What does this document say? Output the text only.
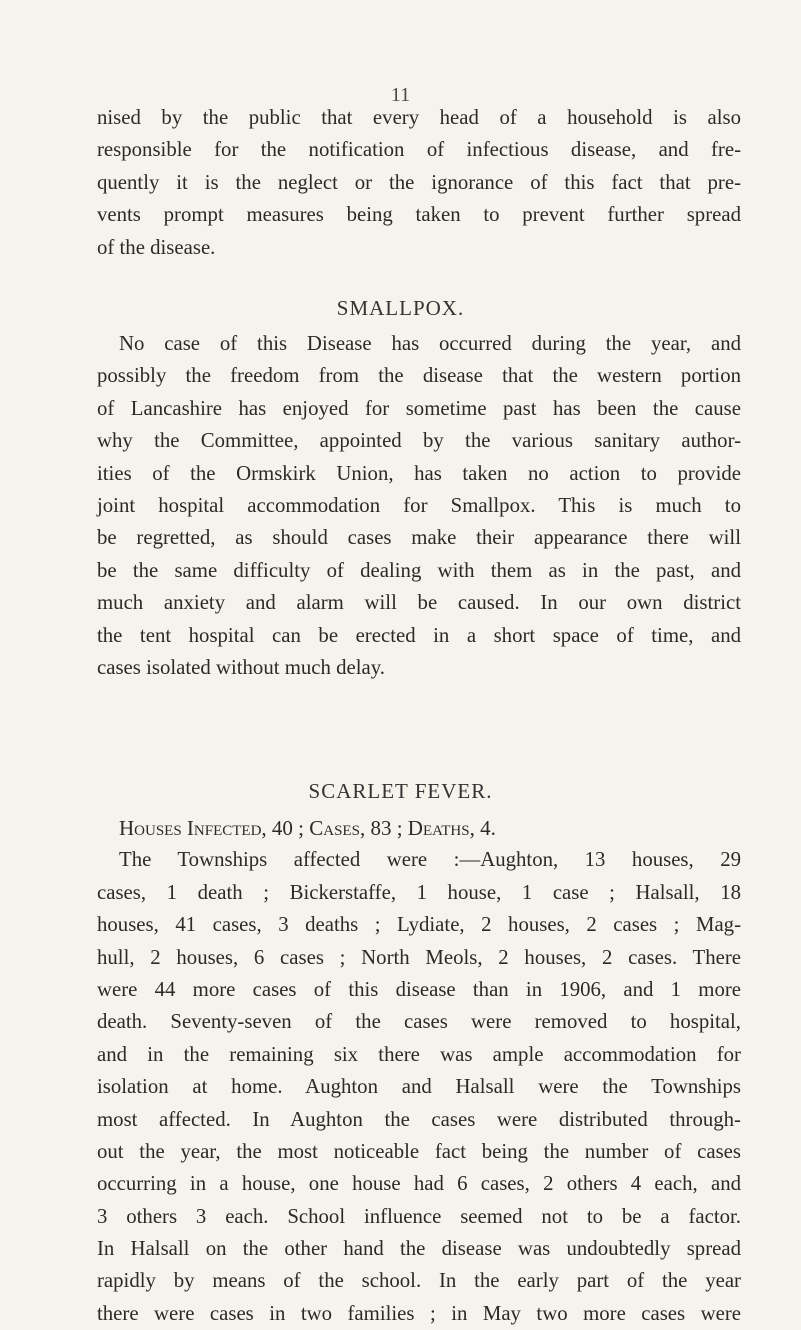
11
nised by the public that every head of a household is also
responsible for the notification of infectious disease, and fre-
quently it is the neglect or the ignorance of this fact that pre-
vents prompt measures being taken to prevent further spread
of the disease.
SMALLPOX.
No case of this Disease has occurred during the year, and
possibly the freedom from the disease that the western portion
of Lancashire has enjoyed for sometime past has been the cause
why the Committee, appointed by the various sanitary author-
ities of the Ormskirk Union, has taken no action to provide
joint hospital accommodation for Smallpox. This is much to
be regretted, as should cases make their appearance there will
be the same difficulty of dealing with them as in the past, and
much anxiety and alarm will be caused. In our own district
the tent hospital can be erected in a short space of time, and
cases isolated without much delay.
SCARLET FEVER.
Houses Infected, 40 ; Cases, 83 ; Deaths, 4.
The Townships affected were :—Aughton, 13 houses, 29
cases, 1 death ; Bickerstaffe, 1 house, 1 case ; Halsall, 18
houses, 41 cases, 3 deaths ; Lydiate, 2 houses, 2 cases ; Mag-
hull, 2 houses, 6 cases ; North Meols, 2 houses, 2 cases. There
were 44 more cases of this disease than in 1906, and 1 more
death. Seventy-seven of the cases were removed to hospital,
and in the remaining six there was ample accommodation for
isolation at home. Aughton and Halsall were the Townships
most affected. In Aughton the cases were distributed through-
out the year, the most noticeable fact being the number of cases
occurring in a house, one house had 6 cases, 2 others 4 each, and
3 others 3 each. School influence seemed not to be a factor.
In Halsall on the other hand the disease was undoubtedly spread
rapidly by means of the school. In the early part of the year
there were cases in two families ; in May two more cases were
